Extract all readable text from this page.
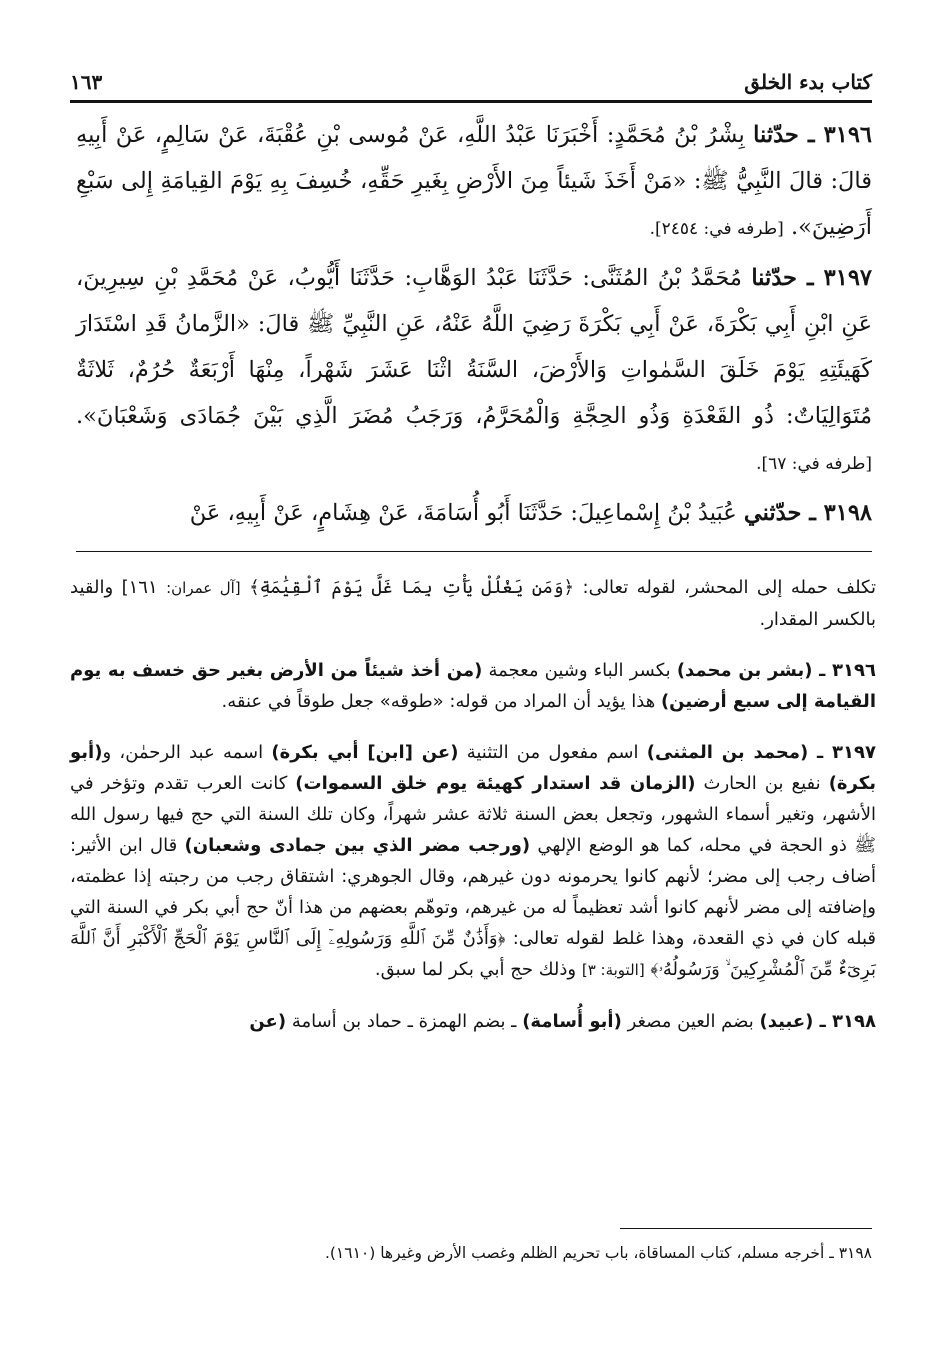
كتاب بدء الخلق
١٦٣

٣١٩٦ ـ حدّثنا بِشْرُ بْنُ مُحَمَّدٍ: أَخْبَرَنَا عَبْدُ اللَّهِ، عَنْ مُوسى بْنِ عُقْبَةَ، عَنْ سَالِمٍ، عَنْ أَبِيهِ قالَ: قالَ النَّبِيُّ ﷺ: «مَنْ أَخَذَ شَيئاً مِنَ الأَرْضِ بِغَيرِ حَقِّهِ، خُسِفَ بِهِ يَوْمَ القِيامَةِ إِلى سَبْعِ أَرَضِينَ». [طرفه في: ٢٤٥٤].

٣١٩٧ ـ حدّثنا مُحَمَّدُ بْنُ المُثَنَّى: حَدَّثَنَا عَبْدُ الوَهَّابِ: حَدَّثَنَا أَيُّوبُ، عَنْ مُحَمَّدِ بْنِ سِيرِينَ، عَنِ ابْنِ أَبِي بَكْرَةَ، عَنْ أَبِي بَكْرَةَ رَضِيَ اللَّهُ عَنْهُ، عَنِ النَّبِيِّ ﷺ قالَ: «الزَّمانُ قَدِ اسْتَدَارَ كَهَيئَتِهِ يَوْمَ خَلَقَ السَّمٰواتِ وَالأَرْضَ، السَّنَةُ اثْنَا عَشَرَ شَهْراً، مِنْهَا أَرْبَعَةٌ حُرُمٌ، ثَلاثَةٌ مُتَوَالِيَاتٌ: ذُو القَعْدَةِ وَذُو الحِجَّةِ وَالْمُحَرَّمُ، وَرَجَبُ مُضَرَ الَّذِي بَيْنَ جُمَادَى وَشَعْبَانَ». [طرفه في: ٦٧].

٣١٩٨ ـ حدّثني عُبَيدُ بْنُ إِسْماعِيلَ: حَدَّثَنَا أَبُو أُسَامَةَ، عَنْ هِشَامٍ، عَنْ أَبِيهِ، عَنْ

تكلف حمله إلى المحشر، لقوله تعالى: ﴿وَمَن يَغْلُلْ يَأْتِ بِمَا غَلَّ يَوْمَ ٱلْقِيَٰمَةِ﴾ [آل عمران: ١٦١] والقيد بالكسر المقدار.

٣١٩٦ ـ (بشر بن محمد) بكسر الباء وشين معجمة (من أخذ شيئاً من الأرض بغير حق خسف به يوم القيامة إلى سبع أرضين) هذا يؤيد أن المراد من قوله: «طوقه» جعل طوقاً في عنقه.

٣١٩٧ ـ (محمد بن المثنى) اسم مفعول من التثنية (عن [ابن] أبي بكرة) اسمه عبد الرحمٰن، و(أبو بكرة) نفيع بن الحارث (الزمان قد استدار كهيئة يوم خلق السموات) كانت العرب تقدم وتؤخر في الأشهر، وتغير أسماء الشهور، وتجعل بعض السنة ثلاثة عشر شهراً، وكان تلك السنة التي حج فيها رسول الله ﷺ ذو الحجة في محله، كما هو الوضع الإلهي (ورجب مضر الذي بين جمادى وشعبان) قال ابن الأثير: أضاف رجب إلى مضر؛ لأنهم كانوا يحرمونه دون غيرهم، وقال الجوهري: اشتقاق رجب من رجبته إذا عظمته، وإضافته إلى مضر لأنهم كانوا أشد تعظيماً له من غيرهم، وتوهّم بعضهم من هذا أنّ حج أبي بكر في السنة التي قبله كان في ذي القعدة، وهذا غلط لقوله تعالى: ﴿وَأَذَٰنٌ مِّنَ ٱللَّهِ وَرَسُولِهِۦٓ إِلَى ٱلنَّاسِ يَوْمَ ٱلْحَجِّ ٱلْأَكْبَرِ أَنَّ ٱللَّهَ بَرِىٓءٌ مِّنَ ٱلْمُشْرِكِينَ ۙ وَرَسُولُهُۥ﴾ [التوبة: ٣] وذلك حج أبي بكر لما سبق.

٣١٩٨ ـ (عبيد) بضم العين مصغر (أبو أُسامة) ـ بضم الهمزة ـ حماد بن أسامة (عن

٣١٩٨ ـ أخرجه مسلم، كتاب المساقاة، باب تحريم الظلم وغصب الأرض وغيرها (١٦١٠).
